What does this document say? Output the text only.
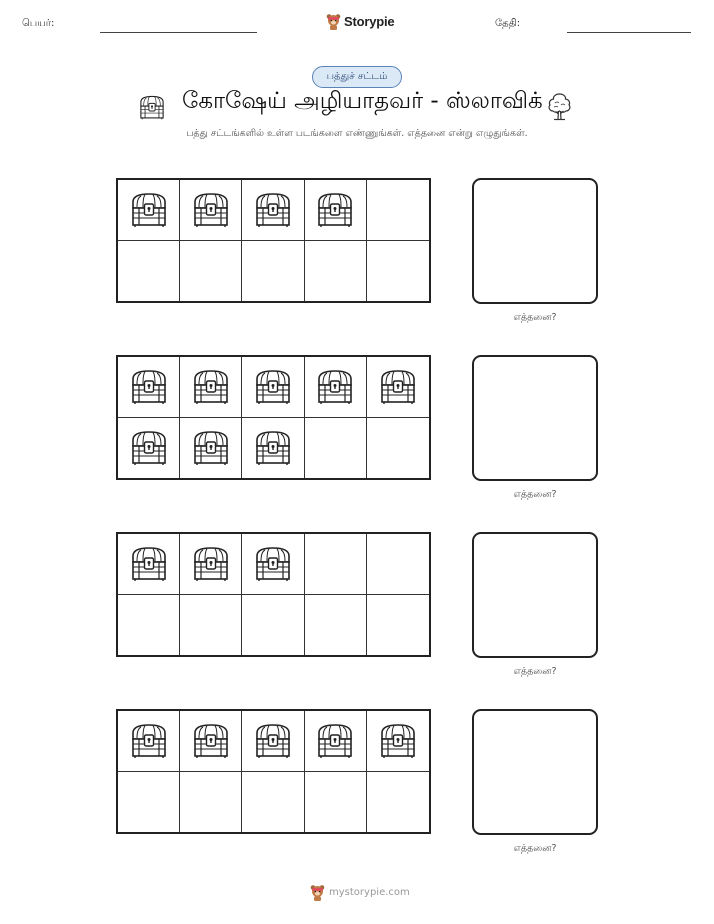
பெயர்:	Storypie	தேதி:
பத்துச் சட்டம்
கோஷேய் அழியாதவர் - ஸ்லாவிக்
பத்து சட்டங்களில் உள்ள படங்களை எண்ணுங்கள். எத்தனை என்று எழுதுங்கள்.
எத்தனை?
எத்தனை?
எத்தனை?
எத்தனை?
mystorypie.com
